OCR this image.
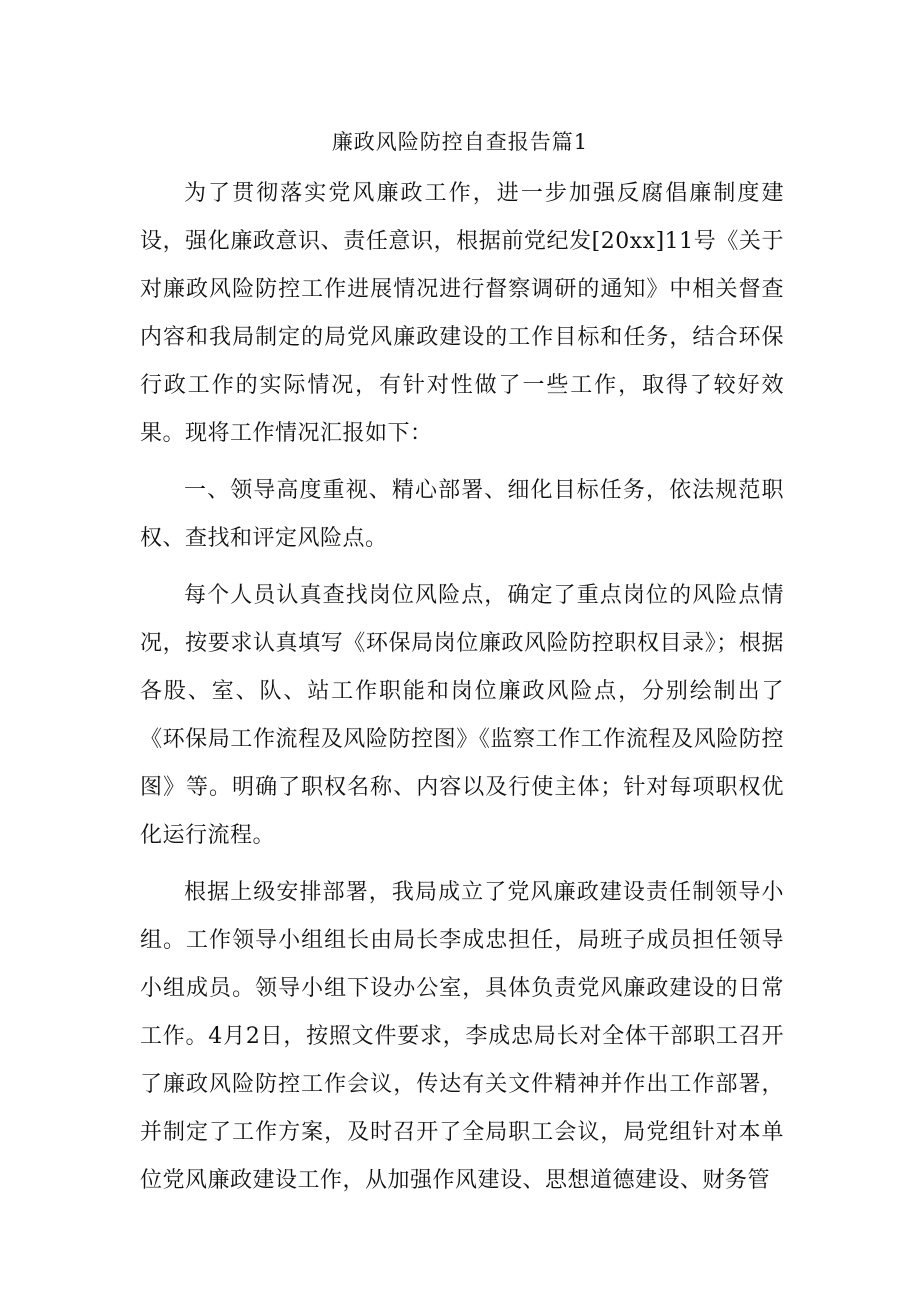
廉政风险防控自查报告篇1

为了贯彻落实党风廉政工作，进一步加强反腐倡廉制度建设，强化廉政意识、责任意识，根据前党纪发[20xx]11号《关于对廉政风险防控工作进展情况进行督察调研的通知》中相关督查内容和我局制定的局党风廉政建设的工作目标和任务，结合环保行政工作的实际情况，有针对性做了一些工作，取得了较好效果。现将工作情况汇报如下：

一、领导高度重视、精心部署、细化目标任务，依法规范职权、查找和评定风险点。

每个人员认真查找岗位风险点，确定了重点岗位的风险点情况，按要求认真填写《环保局岗位廉政风险防控职权目录》；根据各股、室、队、站工作职能和岗位廉政风险点，分别绘制出了《环保局工作流程及风险防控图》《监察工作工作流程及风险防控图》等。明确了职权名称、内容以及行使主体；针对每项职权优化运行流程。

根据上级安排部署，我局成立了党风廉政建设责任制领导小组。工作领导小组组长由局长李成忠担任，局班子成员担任领导小组成员。领导小组下设办公室，具体负责党风廉政建设的日常工作。4月2日，按照文件要求，李成忠局长对全体干部职工召开了廉政风险防控工作会议，传达有关文件精神并作出工作部署，并制定了工作方案，及时召开了全局职工会议，局党组针对本单位党风廉政建设工作，从加强作风建设、思想道德建设、财务管
